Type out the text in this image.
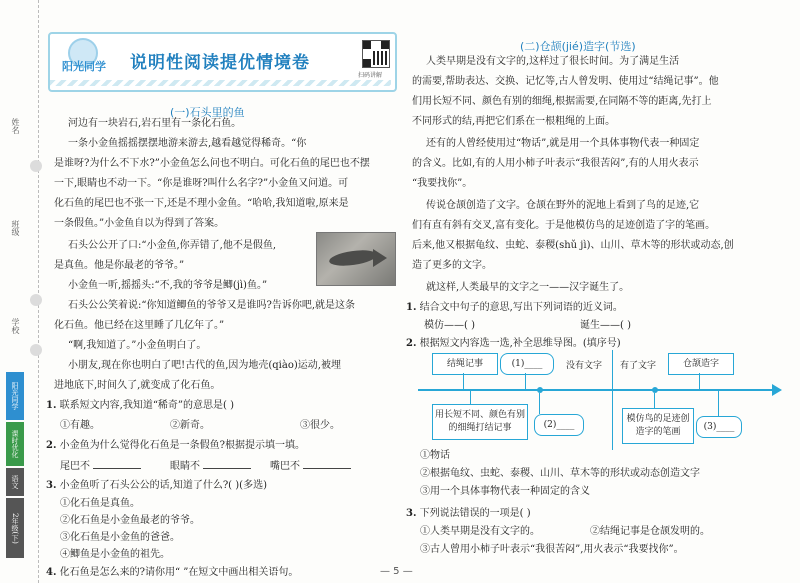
姓名
班级
学校
阳光同学
课时优化
语文
2年级(下)
阳光同学	说明性阅读提优情境卷
扫码讲解
(一)石头里的鱼
河边有一块岩石,岩石里有一条化石鱼。
一条小金鱼摇摇摆摆地游来游去,越看越觉得稀奇。“你
是谁呀?为什么不下水?”小金鱼怎么问也不明白。可化石鱼的尾巴也不摆
一下,眼睛也不动一下。“你是谁呀?叫什么名字?”小金鱼又问道。可
化石鱼的尾巴也不张一下,还是不理小金鱼。“哈哈,我知道啦,原来是
一条假鱼。”小金鱼自以为得到了答案。
石头公公开了口:“小金鱼,你弄错了,他不是假鱼,
是真鱼。他是你最老的爷爷。”
小金鱼一听,摇摇头:“不,我的爷爷是鲫(jì)鱼。”
石头公公笑着说:“你知道鲫鱼的爷爷又是谁吗?告诉你吧,就是这条
化石鱼。他已经在这里睡了几亿年了。”
“啊,我知道了。”小金鱼明白了。
小朋友,现在你也明白了吧!古代的鱼,因为地壳(qiào)运动,被埋
进地底下,时间久了,就变成了化石鱼。
1. 联系短文内容,我知道“稀奇”的意思是( )
①有趣。	②新奇。	③很少。
2. 小金鱼为什么觉得化石鱼是一条假鱼?根据提示填一填。
尾巴不	眼睛不	嘴巴不
3. 小金鱼听了石头公公的话,知道了什么?( )(多选)
①化石鱼是真鱼。
②化石鱼是小金鱼最老的爷爷。
③化石鱼是小金鱼的爸爸。
④鲫鱼是小金鱼的祖先。
4. 化石鱼是怎么来的?请你用“ ”在短文中画出相关语句。
(二)仓颉(jié)造字(节选)
人类早期是没有文字的,这样过了很长时间。为了满足生活
的需要,帮助表达、交换、记忆等,古人曾发明、使用过“结绳记事”。他
们用长短不同、颜色有别的细绳,根据需要,在同隔不等的距离,先打上
不同形式的结,再把它们系在一根粗绳的上面。
还有的人曾经使用过“物话”,就是用一个具体事物代表一种固定
的含义。比如,有的人用小柿子叶表示“我很苦闷”,有的人用火表示
“我要找你”。
传说仓颉创造了文字。仓颉在野外的泥地上看到了鸟的足迹,它
们有直有斜有交叉,富有变化。于是他模仿鸟的足迹创造了字的笔画。
后来,他又根据龟纹、虫蛇、泰稷(shǔ jì)、山川、草木等的形状或动态,创
造了更多的文字。
就这样,人类最早的文字之一——汉字诞生了。
1. 结合文中句子的意思,写出下列词语的近义词。
模仿——( )	诞生——( )
2. 根据短文内容选一选,补全思维导图。(填序号)
结绳记事	(1)____	没有文字 有了文字	仓颉造字
用长短不同、颜色有别的细绳打结记事	(2)____
模仿鸟的足迹创造字的笔画
(3)____
①物话
②根据龟纹、虫蛇、泰稷、山川、草木等的形状或动态创造文字
③用一个具体事物代表一种固定的含义
3. 下列说法错误的一项是( )
①人类早期是没有文字的。	②结绳记事是仓颉发明的。
③古人曾用小柿子叶表示“我很苦闷”,用火表示“我要找你”。
— 5 —
